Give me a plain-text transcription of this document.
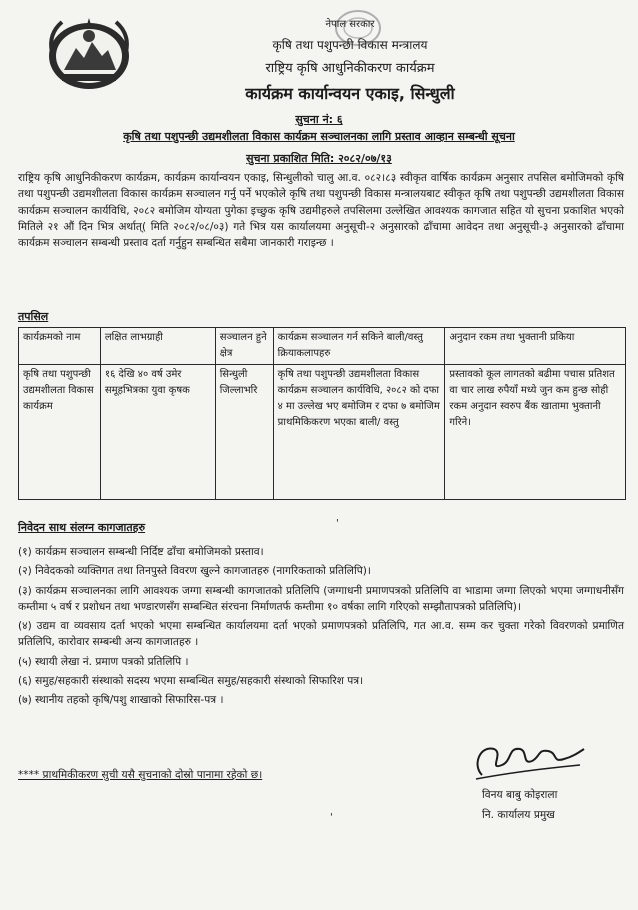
नेपाल सरकार
कृषि तथा पशुपन्छी विकास मन्त्रालय
राष्ट्रिय कृषि आधुनिकीकरण कार्यक्रम
कार्यक्रम कार्यान्वयन एकाइ, सिन्धुली
सुचना नं: ६
कृषि तथा पशुपन्छी उद्यमशीलता विकास कार्यक्रम सञ्चालनका लागि प्रस्ताव आव्हान सम्बन्धी सूचना
सुचना प्रकाशित मिति: २०८२/०७/१३
राष्ट्रिय कृषि आधुनिकीकरण कार्यक्रम, कार्यक्रम कार्यान्वयन एकाइ, सिन्धुलीको चालु आ.व. ०८२।८३ स्वीकृत वार्षिक कार्यक्रम अनुसार तपसिल बमोजिमको कृषि तथा पशुपन्छी उद्यमशीलता विकास कार्यक्रम सञ्चालन गर्नु पर्ने भएकोले कृषि तथा पशुपन्छी विकास मन्त्रालयबाट स्वीकृत कृषि तथा पशुपन्छी उद्यमशीलता विकास कार्यक्रम सञ्चालन कार्यविधि, २०८२ बमोजिम योग्यता पुगेका इच्छुक कृषि उद्यमीहरुले तपसिलमा उल्लेखित आवश्यक कागजात सहित यो सुचना प्रकाशित भएको मितिले २१ औं दिन भित्र अर्थात्( मिति २०८२/०८/०३) गते भित्र यस कार्यालयमा अनुसूची-२ अनुसारको ढाँचामा आवेदन तथा अनुसूची-३ अनुसारको ढाँचामा कार्यक्रम सञ्चालन सम्बन्धी प्रस्ताव दर्ता गर्नुहुन सम्बन्धित सबैमा जानकारी गराइन्छ ।
तपसिल
कार्यक्रमको नाम	लक्षित लाभग्राही	सञ्चालन हुने क्षेत्र	कार्यक्रम सञ्चालन गर्न सकिने बाली/वस्तु क्रियाकलापहरु	अनुदान रकम तथा भुक्तानी प्रकिया
कृषि तथा पशुपन्छी उद्यमशीलता विकास कार्यक्रम	१६ देखि ४० वर्ष उमेर समूहभित्रका युवा कृषक	सिन्धुली जिल्लाभरि	कृषि तथा पशुपन्छी उद्यमशीलता विकास कार्यक्रम सञ्चालन कार्यविधि, २०८२ को दफा ४ मा उल्लेख भए बमोजिम र दफा ७ बमोजिम प्राथमिकिकरण भएका बाली/ वस्तु	प्रस्तावको कूल लागतको बढीमा पचास प्रतिशत वा चार लाख रुपैयाँ मध्ये जुन कम हुन्छ सोही रकम अनुदान स्वरुप बैंक खातामा भुक्तानी गरिने।
निवेदन साथ संलग्न कागजातहरु
(१) कार्यक्रम सञ्चालन सम्बन्धी निर्दिष्ट ढाँचा बमोजिमको प्रस्ताव।
(२) निवेदकको व्यक्तिगत तथा तिनपुस्ते विवरण खुल्ने कागजातहरु (नागरिकताको प्रतिलिपि)।
(३) कार्यक्रम सञ्चालनका लागि आवश्यक जग्गा सम्बन्धी कागजातको प्रतिलिपि (जग्गाधनी प्रमाणपत्रको प्रतिलिपि वा भाडामा जग्गा लिएको भएमा जग्गाधनीसँग कम्तीमा ५ वर्ष र प्रशोधन तथा भण्डारणसँग सम्बन्धित संरचना निर्माणतर्फ कम्तीमा १० वर्षका लागि गरिएको सम्झौतापत्रको प्रतिलिपि)।
(४) उद्यम वा व्यवसाय दर्ता भएको भएमा सम्बन्धित कार्यालयमा दर्ता भएको प्रमाणपत्रको प्रतिलिपि, गत आ.व. सम्म कर चुक्ता गरेको विवरणको प्रमाणित प्रतिलिपि, कारोवार सम्बन्धी अन्य कागजातहरु ।
(५) स्थायी लेखा नं. प्रमाण पत्रको प्रतिलिपि ।
(६) समुह/सहकारी संस्थाको सदस्य भएमा सम्बन्धित समुह/सहकारी संस्थाको सिफारिश पत्र।
(७) स्थानीय तहको कृषि/पशु शाखाको सिफारिस-पत्र ।
**** प्राथमिकीकरण सुची यसै सुचनाको दोस्रो पानामा रहेको छ।
विनय बाबु कोइराला
नि. कार्यालय प्रमुख
'
'
